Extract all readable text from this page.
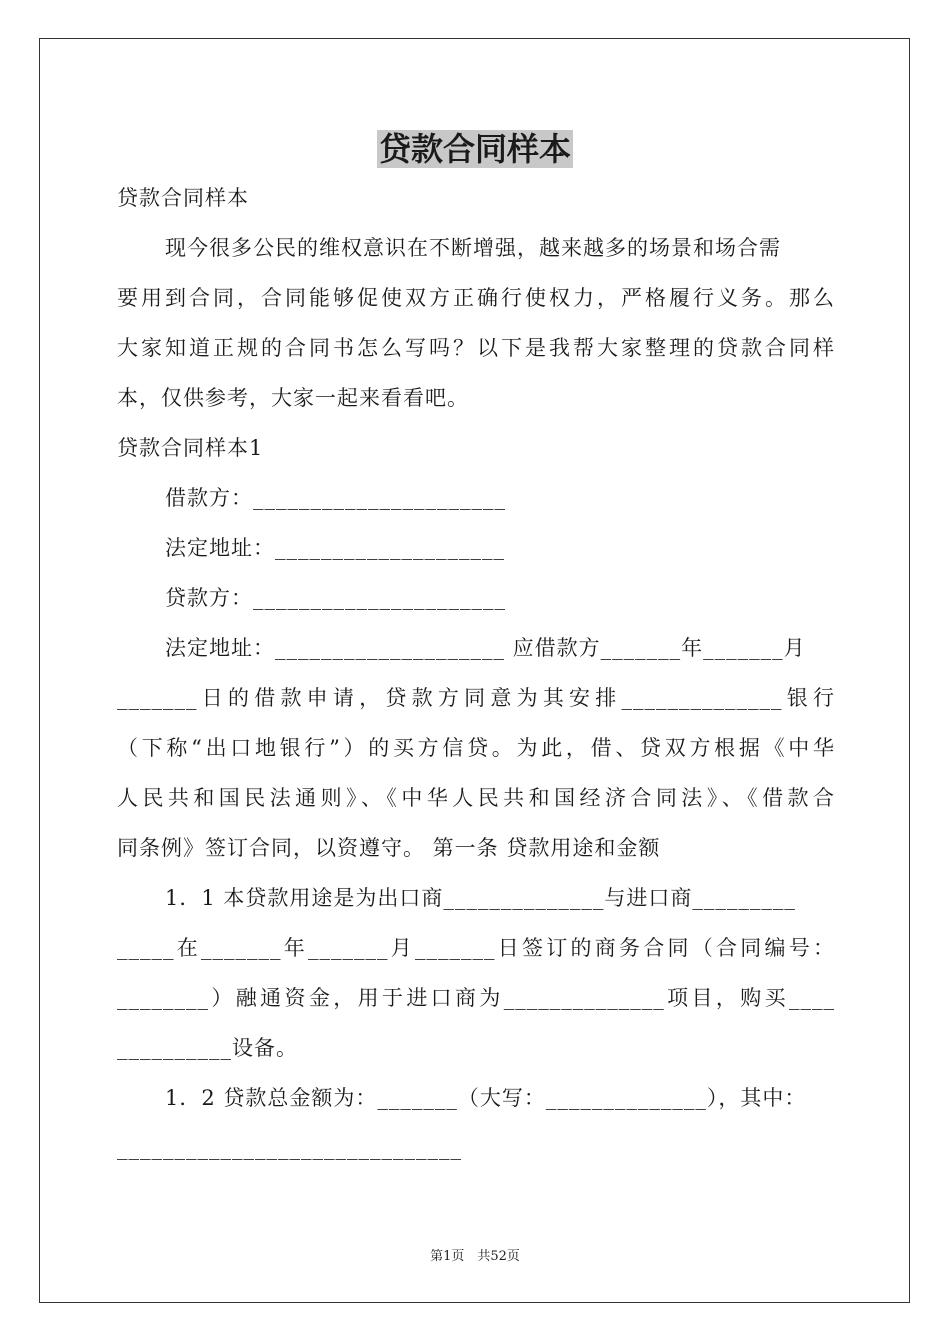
贷款合同样本
贷款合同样本
现今很多公民的维权意识在不断增强，越来越多的场景和场合需
要用到合同，合同能够促使双方正确行使权力，严格履行义务。那么
大家知道正规的合同书怎么写吗？以下是我帮大家整理的贷款合同样
本，仅供参考，大家一起来看看吧。
贷款合同样本1
借款方：______________________
法定地址：____________________
贷款方：______________________
法定地址：____________________ 应借款方_______年_______月
_______日的借款申请，贷款方同意为其安排______________银行
（下称“出口地银行”）的买方信贷。为此，借、贷双方根据《中华
人民共和国民法通则》、《中华人民共和国经济合同法》、《借款合
同条例》签订合同，以资遵守。 第一条 贷款用途和金额
1．1 本贷款用途是为出口商______________与进口商_________
_____在_______年_______月_______日签订的商务合同（合同编号：
________）融通资金，用于进口商为______________项目，购买____
__________设备。
1．2 贷款总金额为：_______（大写：______________），其中：
______________________________
第1页　共52页
